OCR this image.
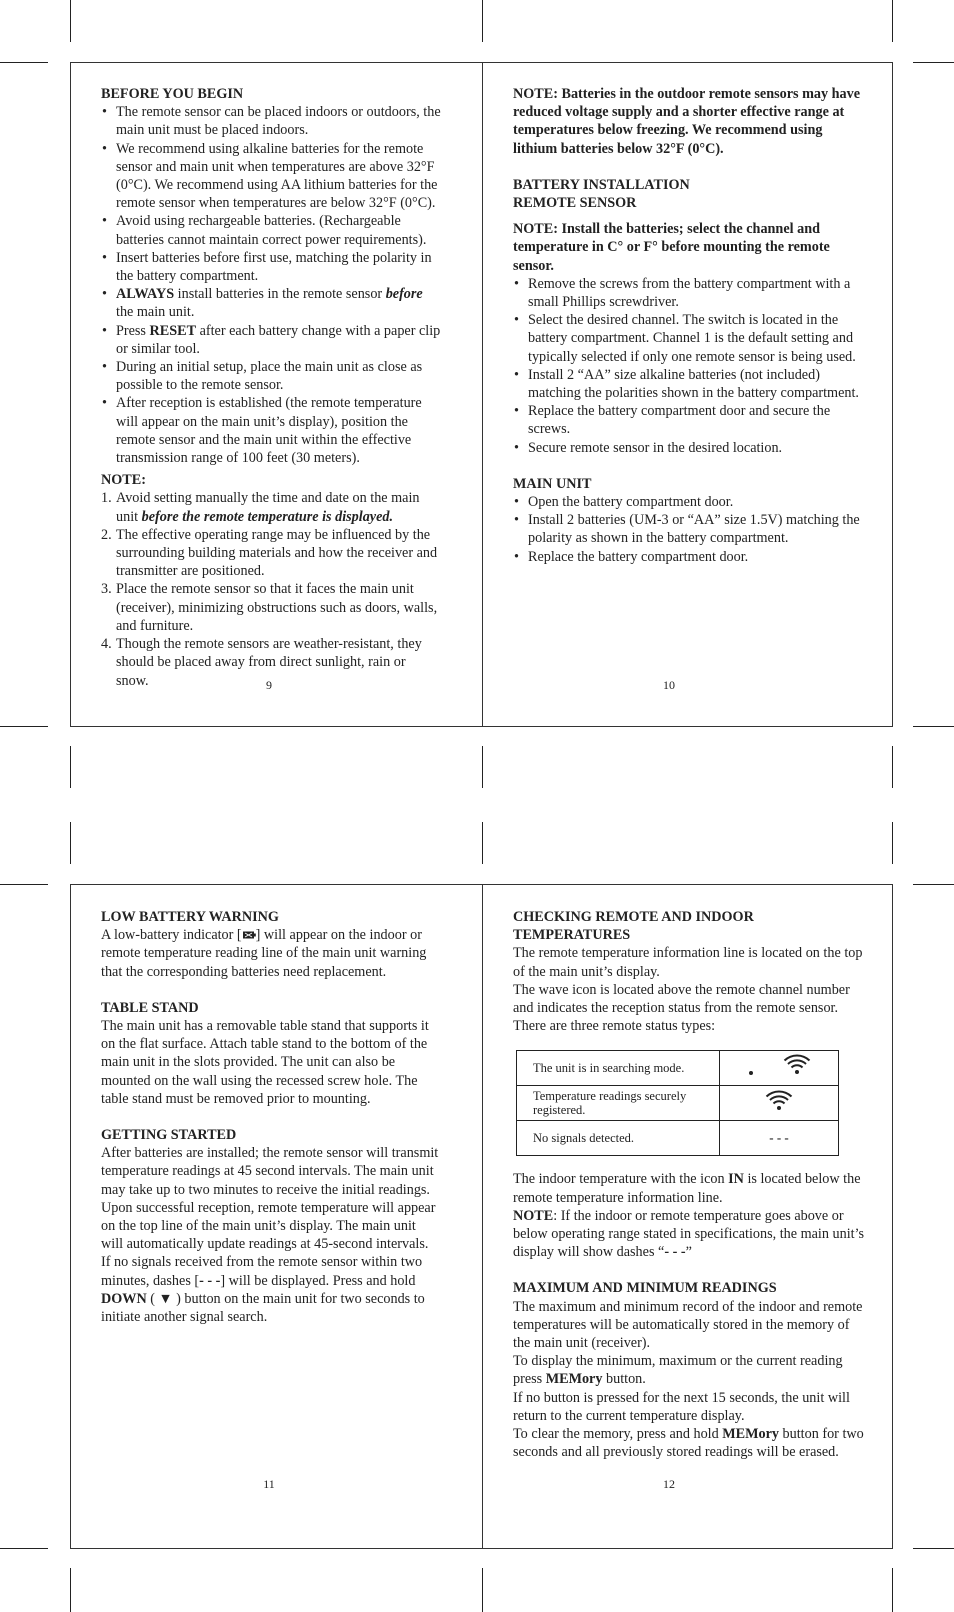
BEFORE YOU BEGIN

• The remote sensor can be placed indoors or outdoors, the main unit must be placed indoors.
• We recommend using alkaline batteries for the remote sensor and main unit when temperatures are above 32°F (0°C). We recommend using AA lithium batteries for the remote sensor when temperatures are below 32°F (0°C).
• Avoid using rechargeable batteries. (Rechargeable batteries cannot maintain correct power requirements).
• Insert batteries before first use, matching the polarity in the battery compartment.
• ALWAYS install batteries in the remote sensor before the main unit.
• Press RESET after each battery change with a paper clip or similar tool.
• During an initial setup, place the main unit as close as possible to the remote sensor.
• After reception is established (the remote temperature will appear on the main unit’s display), position the remote sensor and the main unit within the effective transmission range of 100 feet (30 meters).

NOTE:

1. Avoid setting manually the time and date on the main unit before the remote temperature is displayed.
2. The effective operating range may be influenced by the surrounding building materials and how the receiver and transmitter are positioned.
3. Place the remote sensor so that it faces the main unit (receiver), minimizing obstructions such as doors, walls, and furniture.
4. Though the remote sensors are weather-resistant, they should be placed away from direct sunlight, rain or snow.	9

NOTE: Batteries in the outdoor remote sensors may have reduced voltage supply and a shorter effective range at temperatures below freezing. We recommend using lithium batteries below 32°F (0°C).

BATTERY INSTALLATION

REMOTE SENSOR

NOTE: Install the batteries; select the channel and temperature in C° or F° before mounting the remote sensor.

• Remove the screws from the battery compartment with a small Phillips screwdriver.
• Select the desired channel. The switch is located in the battery compartment. Channel 1 is the default setting and typically selected if only one remote sensor is being used.
• Install 2 “AA” size alkaline batteries (not included) matching the polarities shown in the battery compartment.
• Replace the battery compartment door and secure the screws.
• Secure remote sensor in the desired location.

MAIN UNIT

• Open the battery compartment door.
• Install 2 batteries (UM-3 or “AA” size 1.5V) matching the polarity as shown in the battery compartment.
• Replace the battery compartment door.
10

LOW BATTERY WARNING

A low-battery indicator [ ] will appear on the indoor or remote temperature reading line of the main unit warning that the corresponding batteries need replacement.

TABLE STAND

The main unit has a removable table stand that supports it on the flat surface. Attach table stand to the bottom of the main unit in the slots provided. The unit can also be mounted on the wall using the recessed screw hole. The table stand must be removed prior to mounting.

GETTING STARTED

After batteries are installed; the remote sensor will transmit temperature readings at 45 second intervals. The main unit may take up to two minutes to receive the initial readings. Upon successful reception, remote temperature will appear on the top line of the main unit’s display. The main unit will automatically update readings at 45-second intervals.

If no signals received from the remote sensor within two minutes, dashes [- - -] will be displayed. Press and hold DOWN ( ▼ ) button on the main unit for two seconds to initiate another signal search.

11

CHECKING REMOTE AND INDOOR

TEMPERATURES

The remote temperature information line is located on the top of the main unit’s display.

The wave icon is located above the remote channel number and indicates the reception status from the remote sensor.

There are three remote status types:

The unit is in searching mode.	
Temperature readings securely registered.	
No signals detected.	- - -

The indoor temperature with the icon IN is located below the remote temperature information line.

NOTE: If the indoor or remote temperature goes above or below operating range stated in specifications, the main unit’s display will show dashes “- - -”

MAXIMUM AND MINIMUM READINGS

The maximum and minimum record of the indoor and remote temperatures will be automatically stored in the memory of the main unit (receiver).

To display the minimum, maximum or the current reading press MEMory button.

If no button is pressed for the next 15 seconds, the unit will return to the current temperature display.

To clear the memory, press and hold MEMory button for two seconds and all previously stored readings will be erased.

12
